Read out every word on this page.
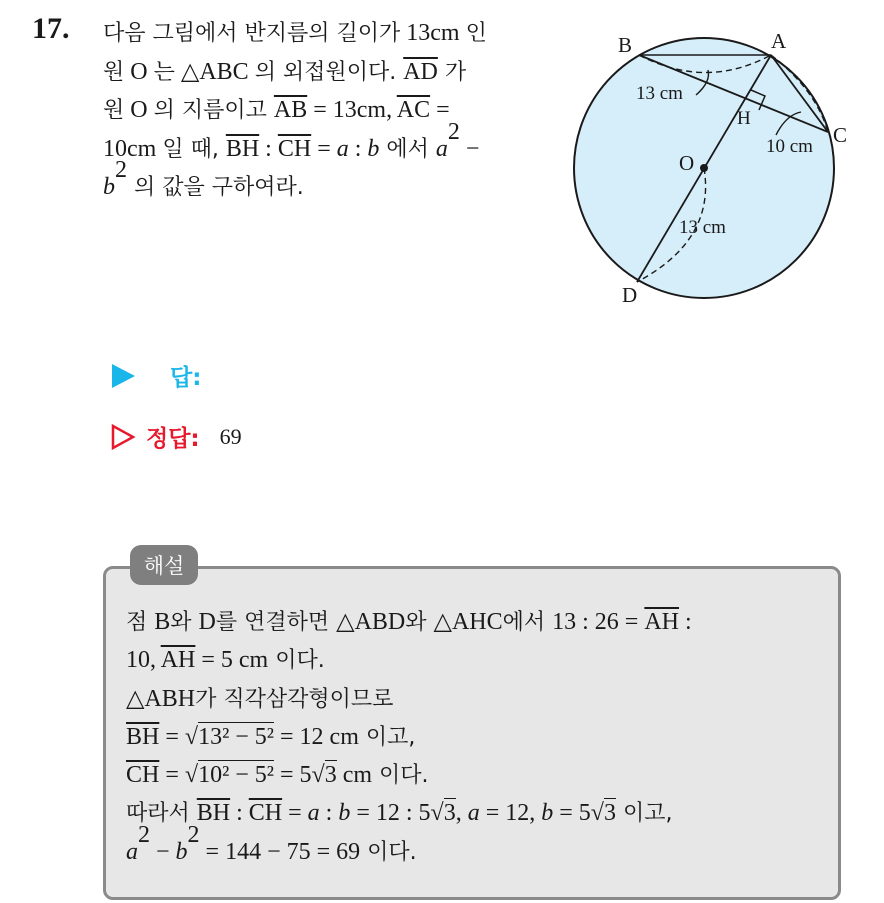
17. 다음 그림에서 반지름의 길이가 13cm 인
원 O 는 △ABC 의 외접원이다. $\overline{AD}$ 가
원 O 의 지름이고 $\overline{AB} = 13cm$, $\overline{AC}$ =
10cm 일 때, $\overline{BH}$ : $\overline{CH} = a$ : b 에서 $a^2$ −
$b^2$ 의 값을 구하여라.
A
B
C
D
O
H
13 cm
10 cm
13 cm
답:
정답: 69
해설
점 B와 D를 연결하면 △ABD와 △AHC에서 13 : $26 = \overline{AH}$ :
10, $\overline{AH} = 5$ cm 이다.
△ABH가 직각삼각형이므로
$\overline{BH} = √13^2 - 5^2 = 12$ cm 이고,
$\overline{CH} = √10^2 - 5^2 = 5√3$ cm 이다.
따라서 $\overline{BH}$ : $\overline{CH} = a$ : b = 12 : 5√3, a = 12, b = 5√3 이고,
$a^2 - b^2 = 144 - 75 = 69$ 이다.
